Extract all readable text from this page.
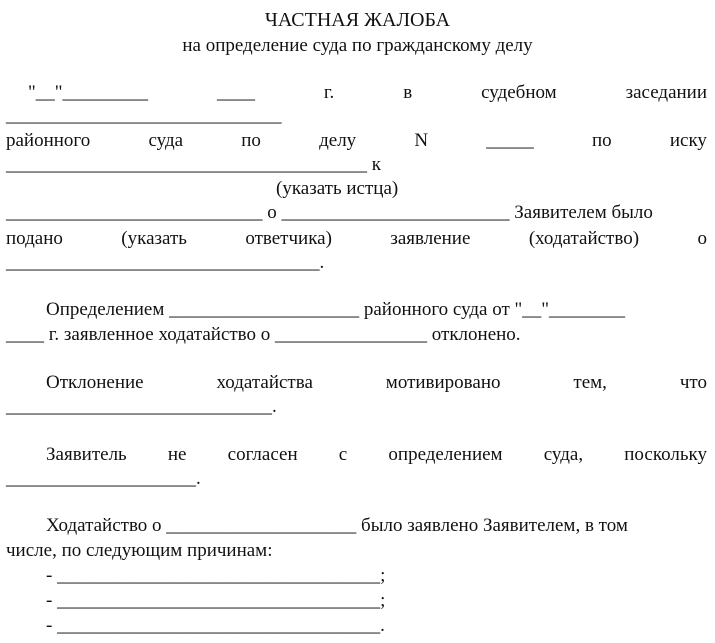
ЧАСТНАЯ ЖАЛОБА
на определение суда по гражданскому делу
"__"_________	____	г.	в	судебном	заседании
_____________________________
районного	суда	по	делу	N	_____	по	иску
______________________________________ к
(указать истца)
___________________________ о ________________________ Заявителем было
подано	(указать	ответчика)	заявление	(ходатайство)	о
_________________________________.
Определением ____________________ районного суда от "__"________
____ г. заявленное ходатайство о ________________ отклонено.
Отклонение	ходатайства	мотивировано	тем,	что
____________________________.
Заявитель не согласен с определением суда, поскольку
____________________.
Ходатайство о ____________________ было заявлено Заявителем, в том
числе, по следующим причинам:
- __________________________________;
- __________________________________;
- __________________________________.
